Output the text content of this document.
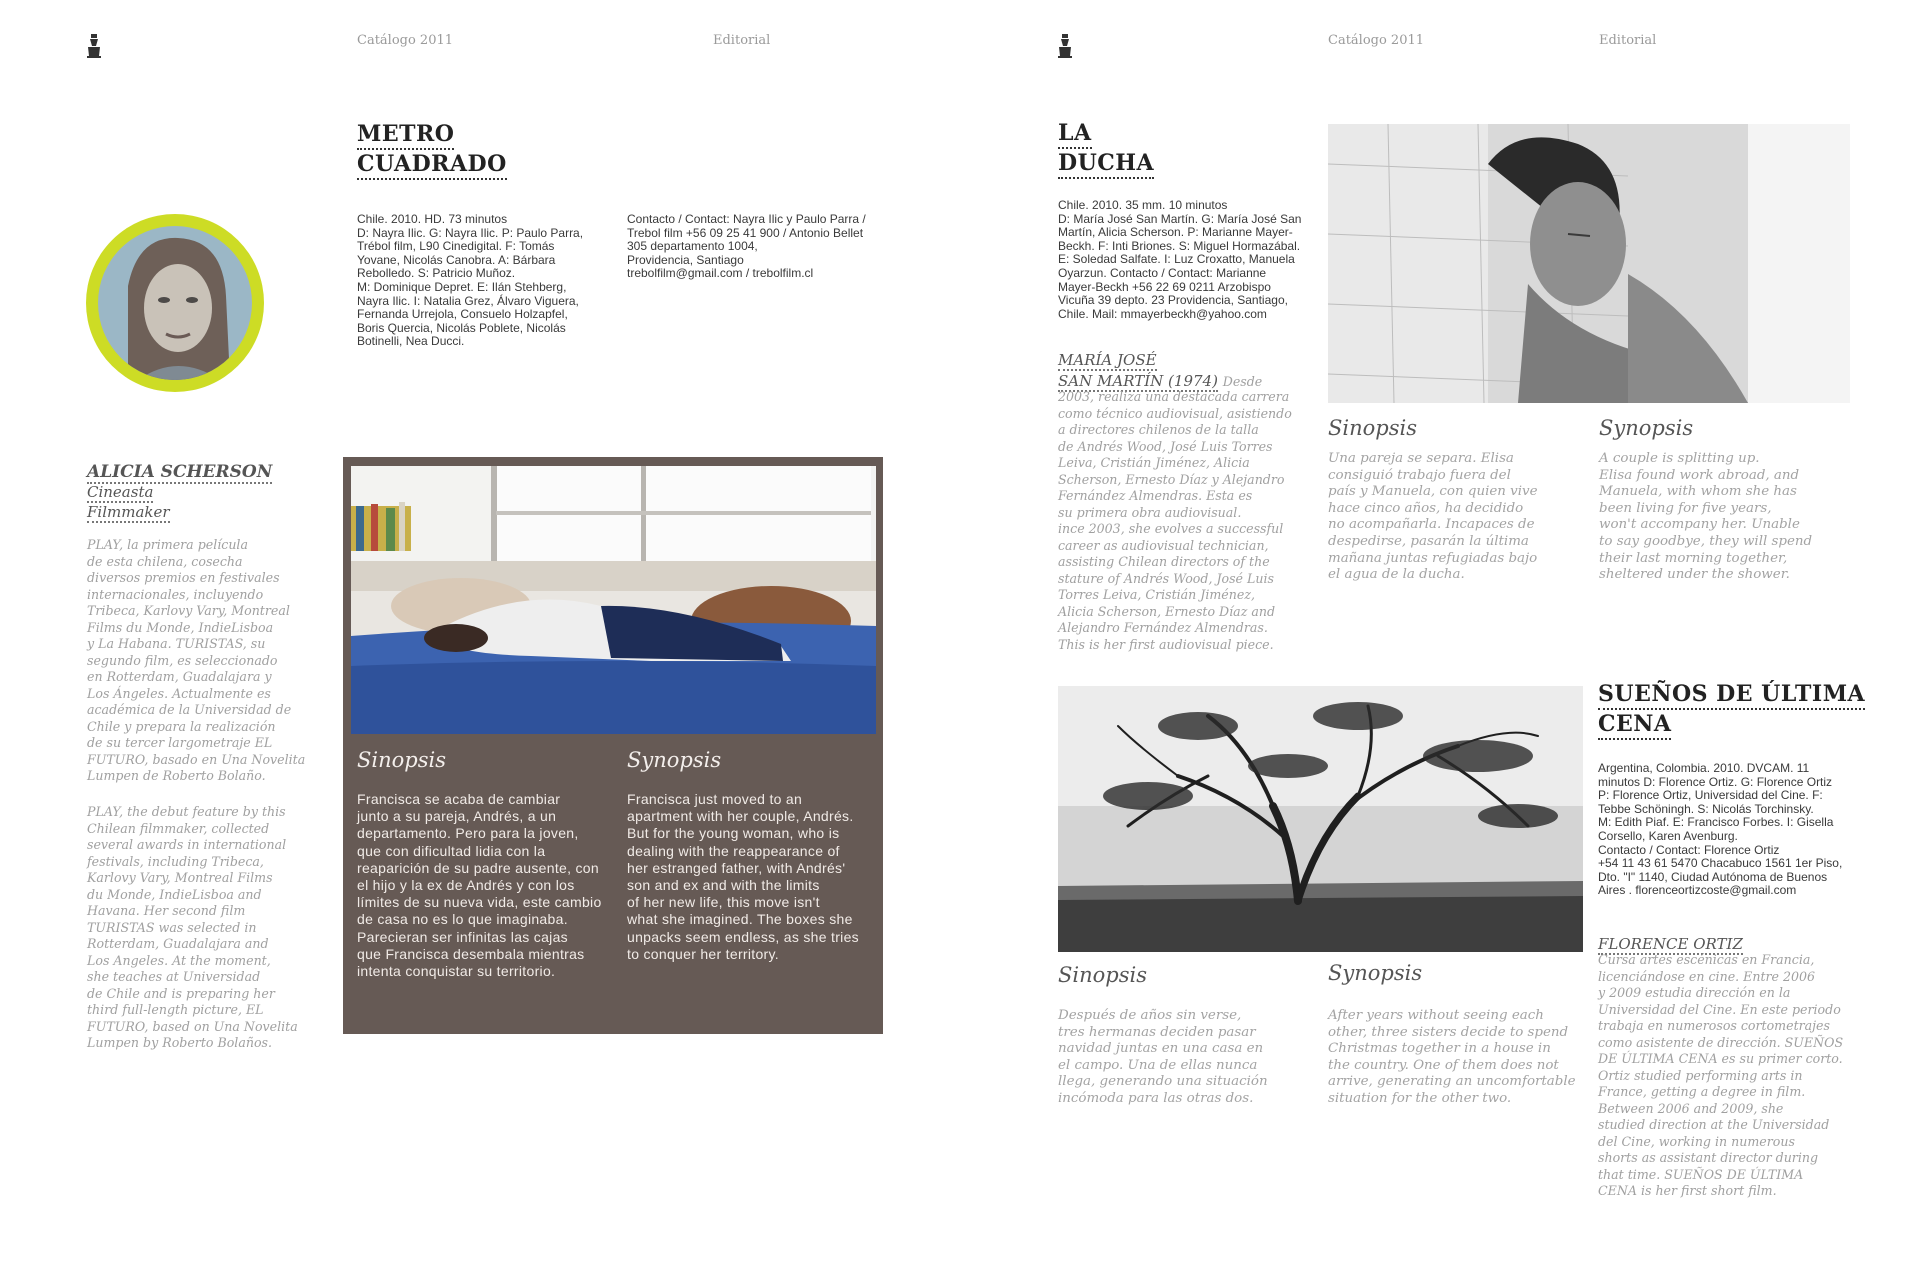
Catálogo 2011	Editorial
METRO
CUADRADO
Chile. 2010. HD. 73 minutos
D: Nayra Ilic. G: Nayra Ilic. P: Paulo Parra,
Trébol film, L90 Cinedigital. F: Tomás
Yovane, Nicolás Canobra. A: Bárbara
Rebolledo. S: Patricio Muñoz.
M: Dominique Depret. E: Ilán Stehberg,
Nayra Ilic. I: Natalia Grez, Álvaro Viguera,
Fernanda Urrejola, Consuelo Holzapfel,
Boris Quercia, Nicolás Poblete, Nicolás
Botinelli, Nea Ducci.
Contacto / Contact: Nayra Ilic y Paulo Parra /
Trebol film +56 09 25 41 900 / Antonio Bellet
305 departamento 1004,
Providencia, Santiago
trebolfilm@gmail.com / trebolfilm.cl
ALICIA SCHERSON
Cineasta
Filmmaker
PLAY, la primera película
de esta chilena, cosecha
diversos premios en festivales
internacionales, incluyendo
Tribeca, Karlovy Vary, Montreal
Films du Monde, IndieLisboa
y La Habana. TURISTAS, su
segundo film, es seleccionado
en Rotterdam, Guadalajara y
Los Ángeles. Actualmente es
académica de la Universidad de
Chile y prepara la realización
de su tercer largometraje EL
FUTURO, basado en Una Novelita
Lumpen de Roberto Bolaño.
PLAY, the debut feature by this
Chilean filmmaker, collected
several awards in international
festivals, including Tribeca,
Karlovy Vary, Montreal Films
du Monde, IndieLisboa and
Havana. Her second film
TURISTAS was selected in
Rotterdam, Guadalajara and
Los Angeles. At the moment,
she teaches at Universidad
de Chile and is preparing her
third full-length picture, EL
FUTURO, based on Una Novelita
Lumpen by Roberto Bolaños.
Sinopsis	Synopsis
Francisca se acaba de cambiar
junto a su pareja, Andrés, a un
departamento. Pero para la joven,
que con dificultad lidia con la
reaparición de su padre ausente, con
el hijo y la ex de Andrés y con los
límites de su nueva vida, este cambio
de casa no es lo que imaginaba.
Parecieran ser infinitas las cajas
que Francisca desembala mientras
intenta conquistar su territorio.
Francisca just moved to an
apartment with her couple, Andrés.
But for the young woman, who is
dealing with the reappearance of
her estranged father, with Andrés'
son and ex and with the limits
of her new life, this move isn't
what she imagined. The boxes she
unpacks seem endless, as she tries
to conquer her territory.
Catálogo 2011	Editorial
LA
DUCHA
Chile. 2010. 35 mm. 10 minutos
D: María José San Martín. G: María José San
Martín, Alicia Scherson. P: Marianne Mayer-
Beckh. F: Inti Briones. S: Miguel Hormazábal.
E: Soledad Salfate. I: Luz Croxatto, Manuela
Oyarzun. Contacto / Contact: Marianne
Mayer-Beckh +56 22 69 0211 Arzobispo
Vicuña 39 depto. 23 Providencia, Santiago,
Chile. Mail: mmayerbeckh@yahoo.com
MARÍA JOSÉ
SAN MARTÍN (1974) Desde
2003, realiza una destacada carrera
como técnico audiovisual, asistiendo
a directores chilenos de la talla
de Andrés Wood, José Luis Torres
Leiva, Cristián Jiménez, Alicia
Scherson, Ernesto Díaz y Alejandro
Fernández Almendras. Esta es
su primera obra audiovisual.
ince 2003, she evolves a successful
career as audiovisual technician,
assisting Chilean directors of the
stature of Andrés Wood, José Luis
Torres Leiva, Cristián Jiménez,
Alicia Scherson, Ernesto Díaz and
Alejandro Fernández Almendras.
This is her first audiovisual piece.
Sinopsis	Synopsis
Una pareja se separa. Elisa
consiguió trabajo fuera del
país y Manuela, con quien vive
hace cinco años, ha decidido
no acompañarla. Incapaces de
despedirse, pasarán la última
mañana juntas refugiadas bajo
el agua de la ducha.
A couple is splitting up.
Elisa found work abroad, and
Manuela, with whom she has
been living for five years,
won't accompany her. Unable
to say goodbye, they will spend
their last morning together,
sheltered under the shower.
Sinopsis	Synopsis
Después de años sin verse,
tres hermanas deciden pasar
navidad juntas en una casa en
el campo. Una de ellas nunca
llega, generando una situación
incómoda para las otras dos.
After years without seeing each
other, three sisters decide to spend
Christmas together in a house in
the country. One of them does not
arrive, generating an uncomfortable
situation for the other two.
SUEÑOS DE ÚLTIMA
CENA
Argentina, Colombia. 2010. DVCAM. 11
minutos D: Florence Ortiz. G: Florence Ortiz
P: Florence Ortiz, Universidad del Cine. F:
Tebbe Schöningh. S: Nicolás Torchinsky.
M: Edith Piaf. E: Francisco Forbes. I: Gisella
Corsello, Karen Avenburg.
Contacto / Contact: Florence Ortiz
+54 11 43 61 5470 Chacabuco 1561 1er Piso,
Dto. "I" 1140, Ciudad Autónoma de Buenos
Aires . florenceortizcoste@gmail.com
FLORENCE ORTIZ
Cursa artes escénicas en Francia,
licenciándose en cine. Entre 2006
y 2009 estudia dirección en la
Universidad del Cine. En este periodo
trabaja en numerosos cortometrajes
como asistente de dirección. SUEÑOS
DE ÚLTIMA CENA es su primer corto.
Ortiz studied performing arts in
France, getting a degree in film.
Between 2006 and 2009, she
studied direction at the Universidad
del Cine, working in numerous
shorts as assistant director during
that time. SUEÑOS DE ÚLTIMA
CENA is her first short film.
